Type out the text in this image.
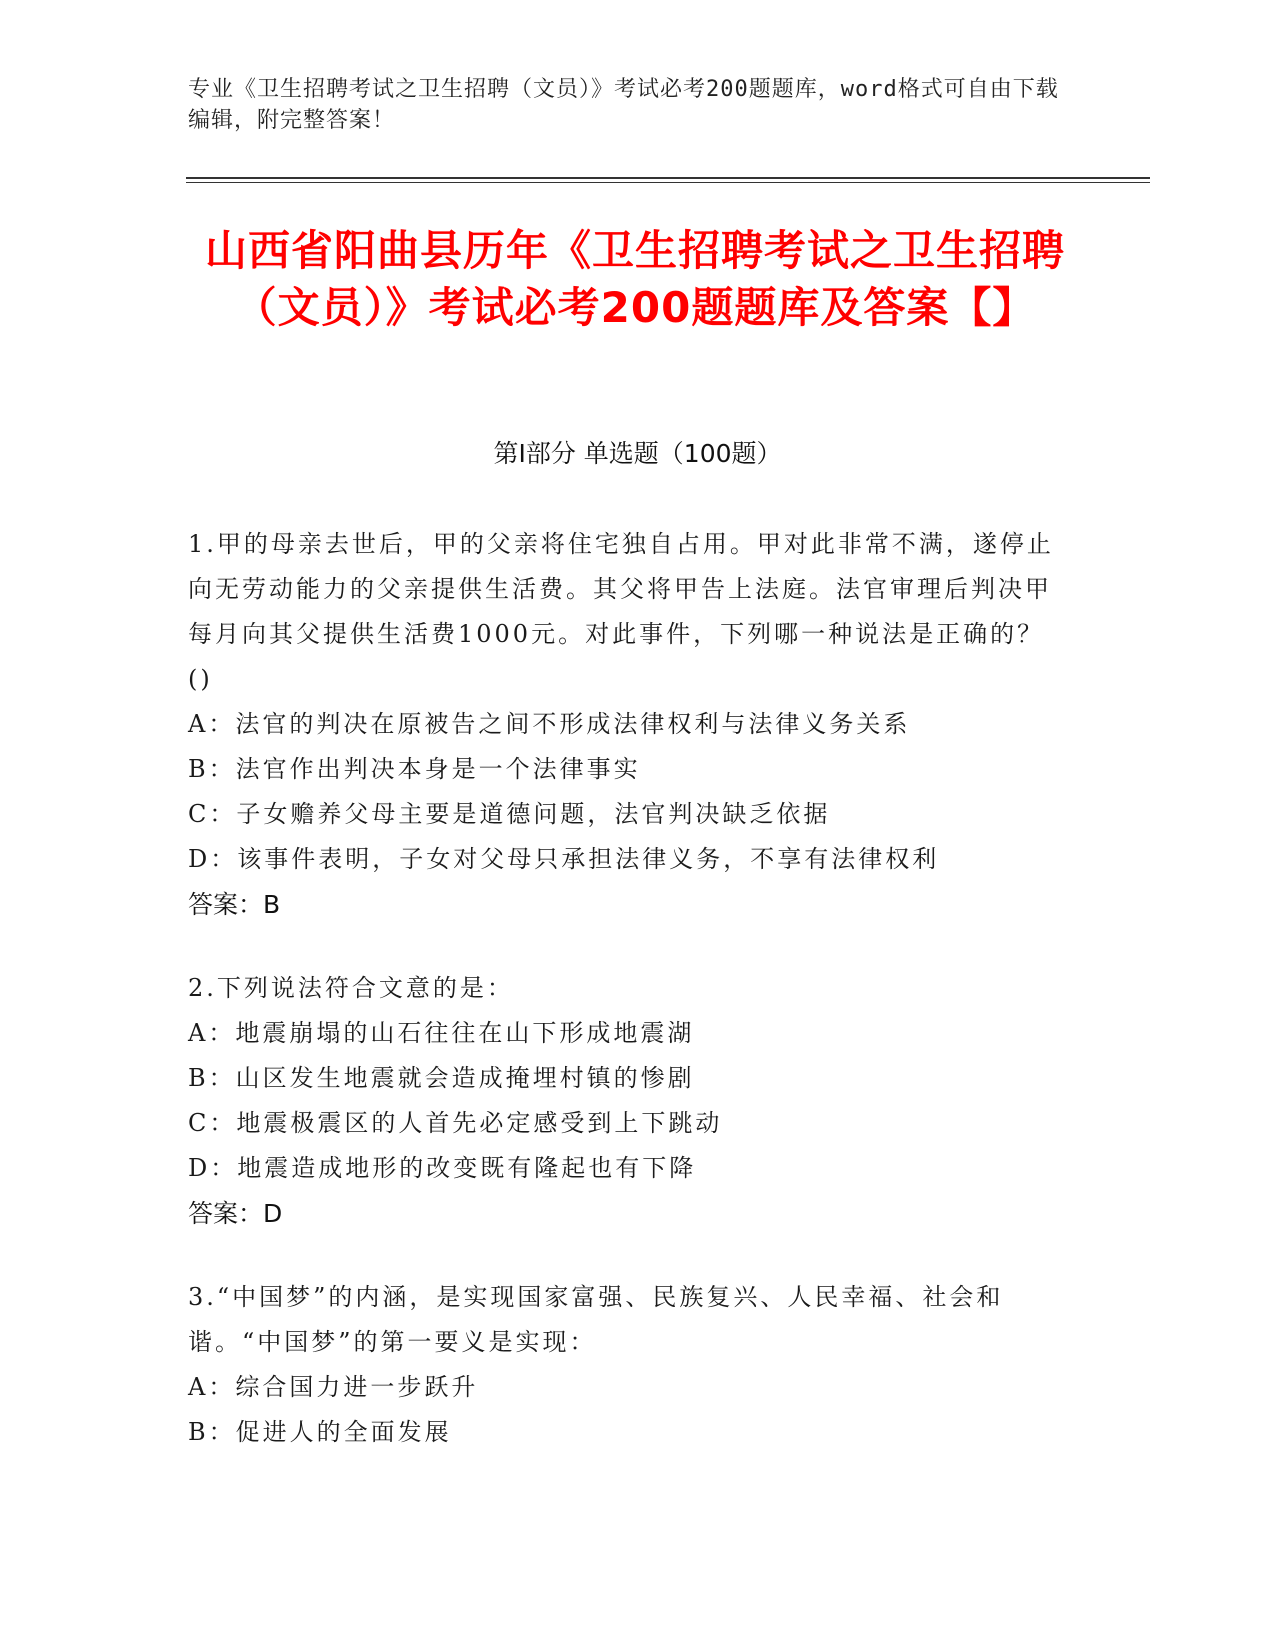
专业《卫生招聘考试之卫生招聘（文员）》考试必考200题题库，word格式可自由下载编辑，附完整答案！
山西省阳曲县历年《卫生招聘考试之卫生招聘（文员）》考试必考200题题库及答案【】
第I部分 单选题（100题）

1.甲的母亲去世后，甲的父亲将住宅独自占用。甲对此非常不满，遂停止向无劳动能力的父亲提供生活费。其父将甲告上法庭。法官审理后判决甲每月向其父提供生活费1000元。对此事件，下列哪一种说法是正确的？()

A：法官的判决在原被告之间不形成法律权利与法律义务关系

B：法官作出判决本身是一个法律事实

C：子女赡养父母主要是道德问题，法官判决缺乏依据

D：该事件表明，子女对父母只承担法律义务，不享有法律权利

答案：B

2.下列说法符合文意的是：

A：地震崩塌的山石往往在山下形成地震湖

B：山区发生地震就会造成掩埋村镇的惨剧

C：地震极震区的人首先必定感受到上下跳动

D：地震造成地形的改变既有隆起也有下降

答案：D

3.“中国梦”的内涵，是实现国家富强、民族复兴、人民幸福、社会和谐。“中国梦”的第一要义是实现：

A：综合国力进一步跃升

B：促进人的全面发展
